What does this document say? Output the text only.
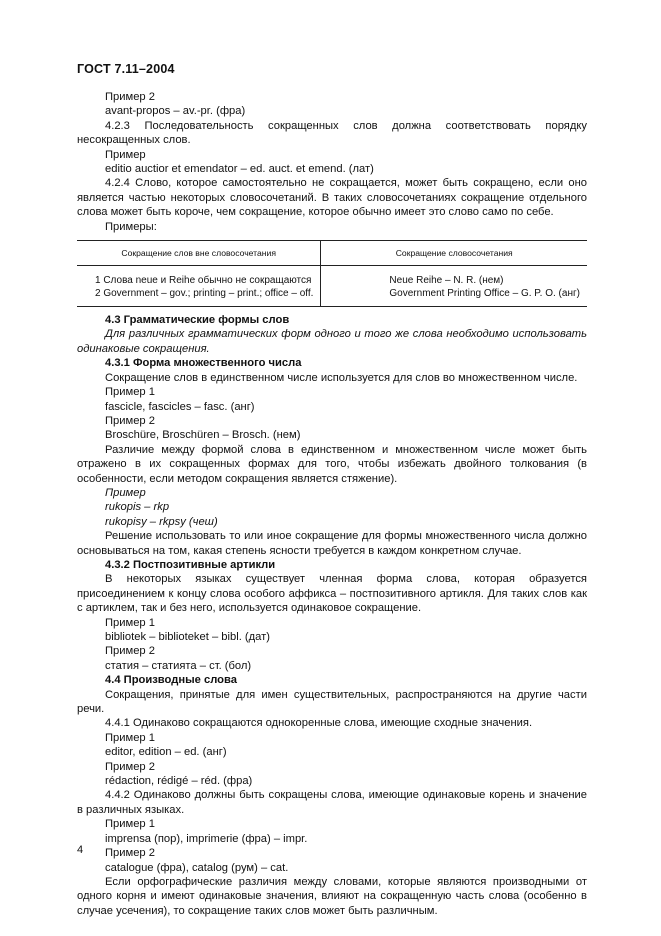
ГОСТ 7.11–2004

Пример 2

avant-propos – av.-pr. (фра)

4.2.3 Последовательность сокращенных слов должна соответствовать порядку несокращенных слов.

Пример

editio auctior et emendator – ed. auct. et emend. (лат)

4.2.4 Слово, которое самостоятельно не сокращается, может быть сокращено, если оно является частью некоторых словосочетаний. В таких словосочетаниях сокращение отдельного слова может быть короче, чем сокращение, которое обычно имеет это слово само по себе.

Примеры:

Сокращение слов вне словосочетания	Сокращение словосочетания
1 Слова neue и Reihe обычно не сокращаются	Neue Reihe – N. R. (нем)
2 Government – gov.; printing – print.; office – off.	Government Printing Office – G. P. O. (анг)

4.3 Грамматические формы слов

Для различных грамматических форм одного и того же слова необходимо использовать одинаковые сокращения.

4.3.1 Форма множественного числа

Сокращение слов в единственном числе используется для слов во множественном числе.

Пример 1

fascicle, fascicles – fasc. (анг)

Пример 2

Broschüre, Broschüren – Brosch. (нем)

Различие между формой слова в единственном и множественном числе может быть отражено в их сокращенных формах для того, чтобы избежать двойного толкования (в особенности, если методом сокращения является стяжение).

Пример

rukopis – rkp

rukopisy – rkpsy (чеш)

Решение использовать то или иное сокращение для формы множественного числа должно основываться на том, какая степень ясности требуется в каждом конкретном случае.

4.3.2 Постпозитивные артикли

В некоторых языках существует членная форма слова, которая образуется присоединением к концу слова особого аффикса – постпозитивного артикля. Для таких слов как с артиклем, так и без него, используется одинаковое сокращение.

Пример 1

bibliotek – biblioteket – bibl. (дат)

Пример 2

статия – статията – ст. (бол)

4.4 Производные слова

Сокращения, принятые для имен существительных, распространяются на другие части речи.

4.4.1 Одинаково сокращаются однокоренные слова, имеющие сходные значения.

Пример 1

editor, edition – ed. (анг)

Пример 2

rédaction, rédigé – réd. (фра)

4.4.2 Одинаково должны быть сокращены слова, имеющие одинаковые корень и значение в различных языках.

Пример 1

imprensa (пор), imprimerie (фра) – impr.

Пример 2

catalogue (фра), catalog (рум) – cat.

Если орфографические различия между словами, которые являются производными от одного корня и имеют одинаковые значения, влияют на сокращенную часть слова (особенно в случае усечения), то сокращение таких слов может быть различным.

4
